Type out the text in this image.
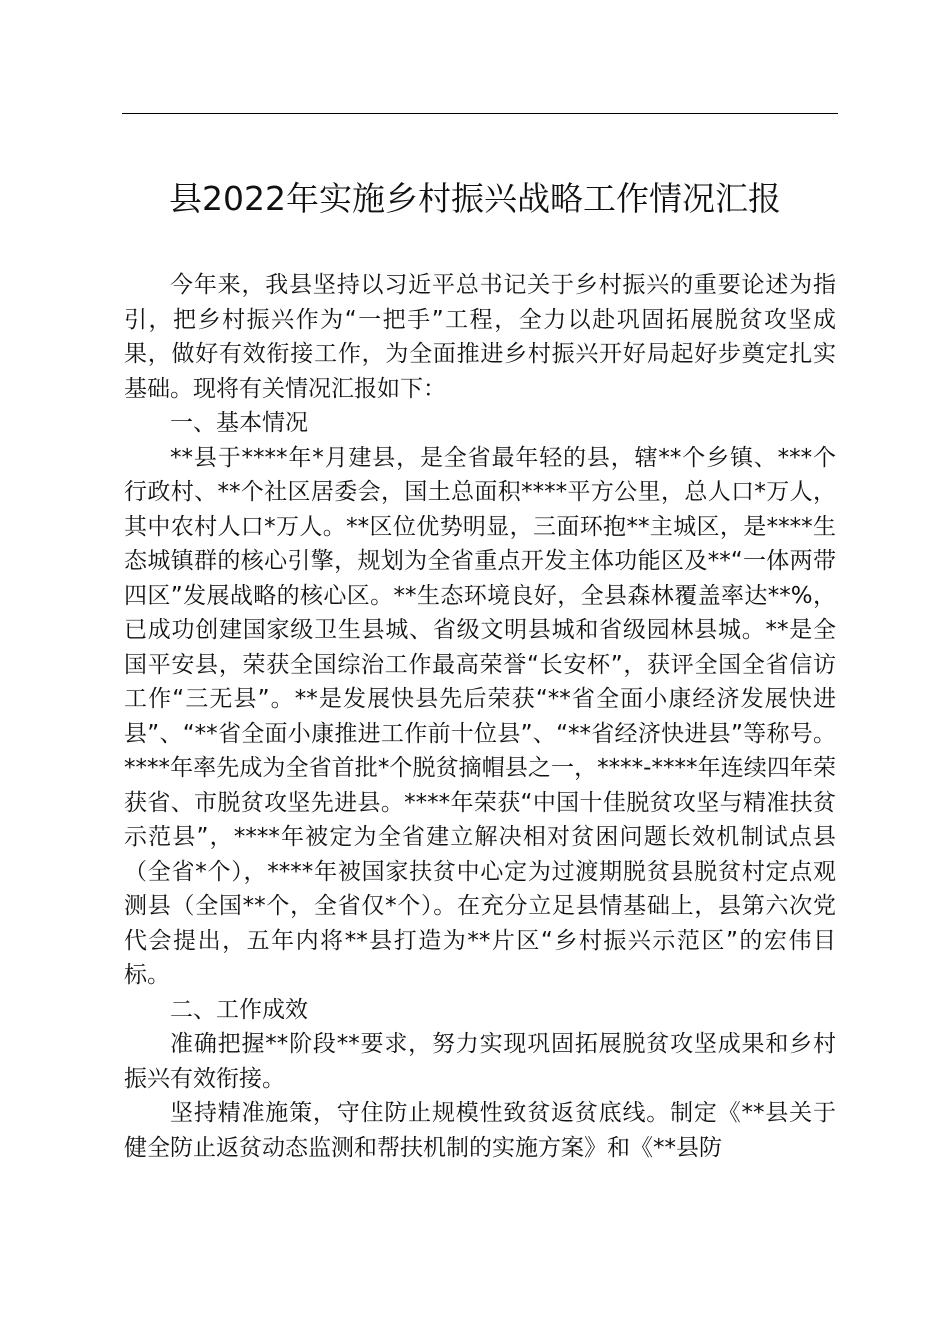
县2022年实施乡村振兴战略工作情况汇报

今年来，我县坚持以习近平总书记关于乡村振兴的重要论述为指引，把乡村振兴作为“一把手”工程，全力以赴巩固拓展脱贫攻坚成果，做好有效衔接工作，为全面推进乡村振兴开好局起好步奠定扎实基础。现将有关情况汇报如下：

一、基本情况

**县于****年*月建县，是全省最年轻的县，辖**个乡镇、***个行政村、**个社区居委会，国土总面积****平方公里，总人口*万人，其中农村人口*万人。**区位优势明显，三面环抱**主城区，是****生态城镇群的核心引擎，规划为全省重点开发主体功能区及**“一体两带四区”发展战略的核心区。**生态环境良好，全县森林覆盖率达**%，已成功创建国家级卫生县城、省级文明县城和省级园林县城。**是全国平安县，荣获全国综治工作最高荣誉“长安杯”，获评全国全省信访工作“三无县”。**是发展快县先后荣获“**省全面小康经济发展快进县”、“**省全面小康推进工作前十位县”、“**省经济快进县”等称号。****年率先成为全省首批*个脱贫摘帽县之一，****-****年连续四年荣获省、市脱贫攻坚先进县。****年荣获“中国十佳脱贫攻坚与精准扶贫示范县”，****年被定为全省建立解决相对贫困问题长效机制试点县（全省*个），****年被国家扶贫中心定为过渡期脱贫县脱贫村定点观测县（全国**个，全省仅*个）。在充分立足县情基础上，县第六次党代会提出，五年内将**县打造为**片区“乡村振兴示范区”的宏伟目标。

二、工作成效

准确把握**阶段**要求，努力实现巩固拓展脱贫攻坚成果和乡村振兴有效衔接。

坚持精准施策，守住防止规模性致贫返贫底线。制定《**县关于健全防止返贫动态监测和帮扶机制的实施方案》和《**县防
